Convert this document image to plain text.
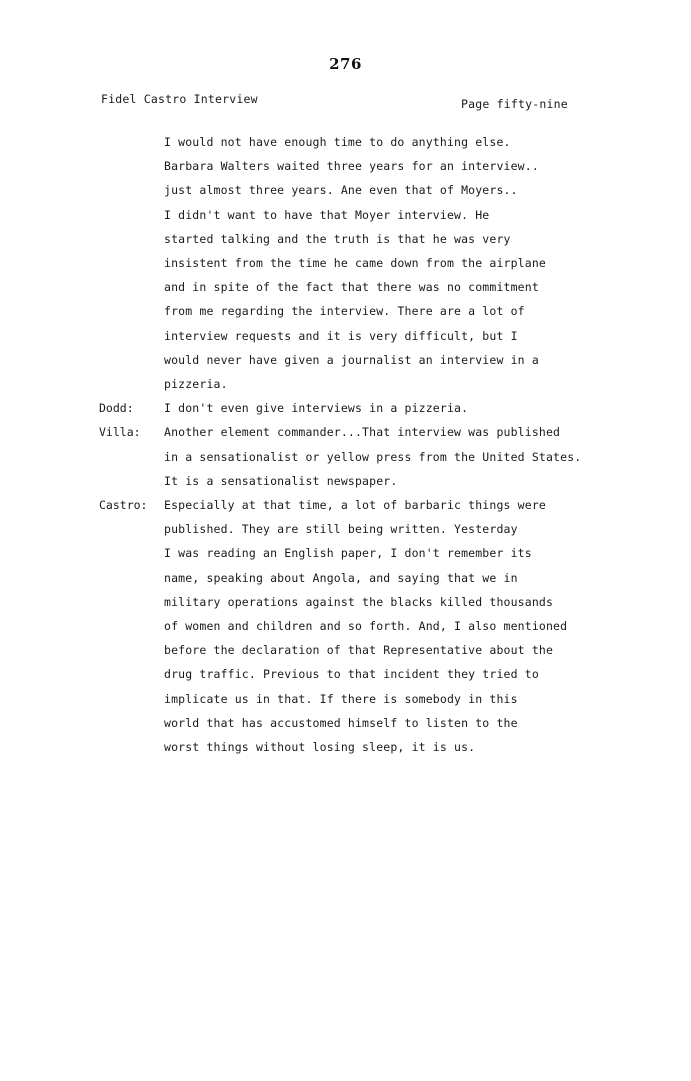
276
Fidel Castro Interview	Page fifty-nine
I would not have enough time to do anything else.
Barbara Walters waited three years for an interview..
just almost three years. Ane even that of Moyers..
I didn't want to have that Moyer interview. He
started talking and the truth is that he was very
insistent from the time he came down from the airplane
and in spite of the fact that there was no commitment
from me regarding the interview. There are a lot of
interview requests and it is very difficult, but I
would never have given a journalist an interview in a
pizzeria.
Dodd:	I don't even give interviews in a pizzeria.
Villa: Another element commander...That interview was published
in a sensationalist or yellow press from the United States.
It is a sensationalist newspaper.
Castro: Especially at that time, a lot of barbaric things were
published. They are still being written. Yesterday
I was reading an English paper, I don't remember its
name, speaking about Angola, and saying that we in
military operations against the blacks killed thousands
of women and children and so forth. And, I also mentioned
before the declaration of that Representative about the
drug traffic. Previous to that incident they tried to
implicate us in that. If there is somebody in this
world that has accustomed himself to listen to the
worst things without losing sleep, it is us.
